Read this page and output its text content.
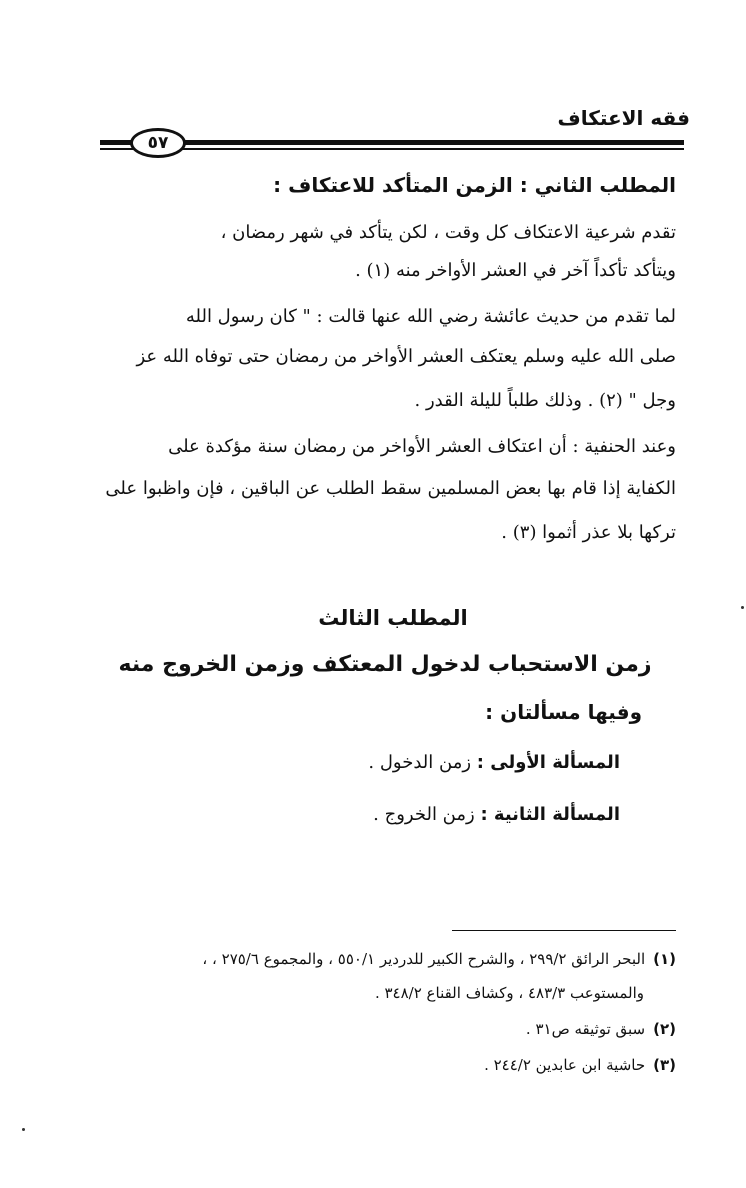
فقه الاعتكاف
٥٧
المطلب الثاني : الزمن المتأكد للاعتكاف :
تقدم شرعية الاعتكاف كل وقت ، لكن يتأكد في شهر رمضان ،
ويتأكد تأكداً آخر في العشر الأواخر منه (١) .
لما تقدم من حديث عائشة رضي الله عنها قالت : " كان رسول الله
صلى الله عليه وسلم يعتكف العشر الأواخر من رمضان حتى توفاه الله عز
وجل " (٢) . وذلك طلباً لليلة القدر .
وعند الحنفية : أن اعتكاف العشر الأواخر من رمضان سنة مؤكدة على
الكفاية إذا قام بها بعض المسلمين سقط الطلب عن الباقين ، فإن واظبوا على
تركها بلا عذر أثموا (٣) .
المطلب الثالث
زمن الاستحباب لدخول المعتكف وزمن الخروج منه
وفيها مسألتان :
المسألة الأولى : زمن الدخول .
المسألة الثانية : زمن الخروج .
(١)البحر الرائق ٢٩٩/٢ ، والشرح الكبير للدردير ٥٥٠/١ ، والمجموع ٢٧٥/٦ ، ،
والمستوعب ٤٨٣/٣ ، وكشاف القناع ٣٤٨/٢ .
(٢)سبق توثيقه ص٣١ .
(٣)حاشية ابن عابدين ٢٤٤/٢ .
